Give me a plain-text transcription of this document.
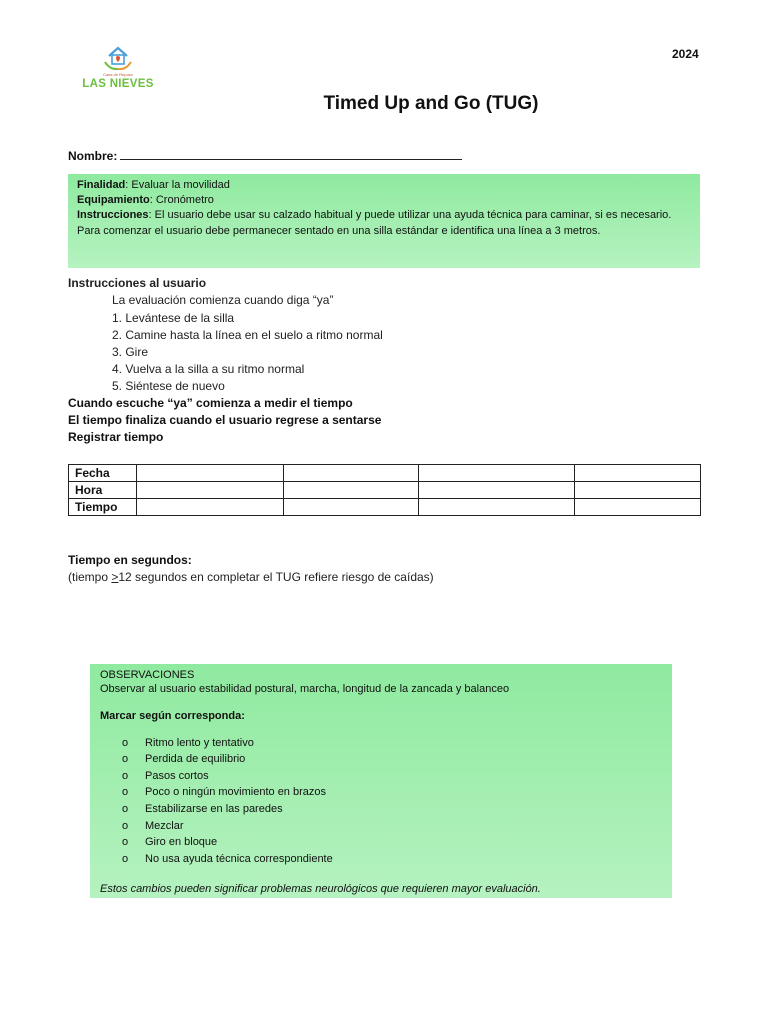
Casa de Reposo
LAS NIEVES
2024
Timed Up and Go (TUG)
Nombre:

Finalidad: Evaluar la movilidad

Equipamiento: Cronómetro

Instrucciones: El usuario debe usar su calzado habitual y puede utilizar una ayuda técnica para caminar, si es necesario.

Para comenzar el usuario debe permanecer sentado en una silla estándar e identifica una línea a 3 metros.

Instrucciones al usuario
La evaluación comienza cuando diga “ya”
1. Levántese de la silla
2. Camine hasta la línea en el suelo a ritmo normal
3. Gire
4. Vuelva a la silla a su ritmo normal
5. Siéntese de nuevo
Cuando escuche “ya” comienza a medir el tiempo
El tiempo finaliza cuando el usuario regrese a sentarse
Registrar tiempo
Fecha				
Hora				
Tiempo				
Tiempo en segundos:
(tiempo >12 segundos en completar el TUG refiere riesgo de caídas)
OBSERVACIONES
Observar al usuario estabilidad postural, marcha, longitud de la zancada y balanceo
Marcar según corresponda:
o	Ritmo lento y tentativo
o	Perdida de equilibrio
o	Pasos cortos
o	Poco o ningún movimiento en brazos
o	Estabilizarse en las paredes
o	Mezclar
o	Giro en bloque
o	No usa ayuda técnica correspondiente
Estos cambios pueden significar problemas neurológicos que requieren mayor evaluación.
